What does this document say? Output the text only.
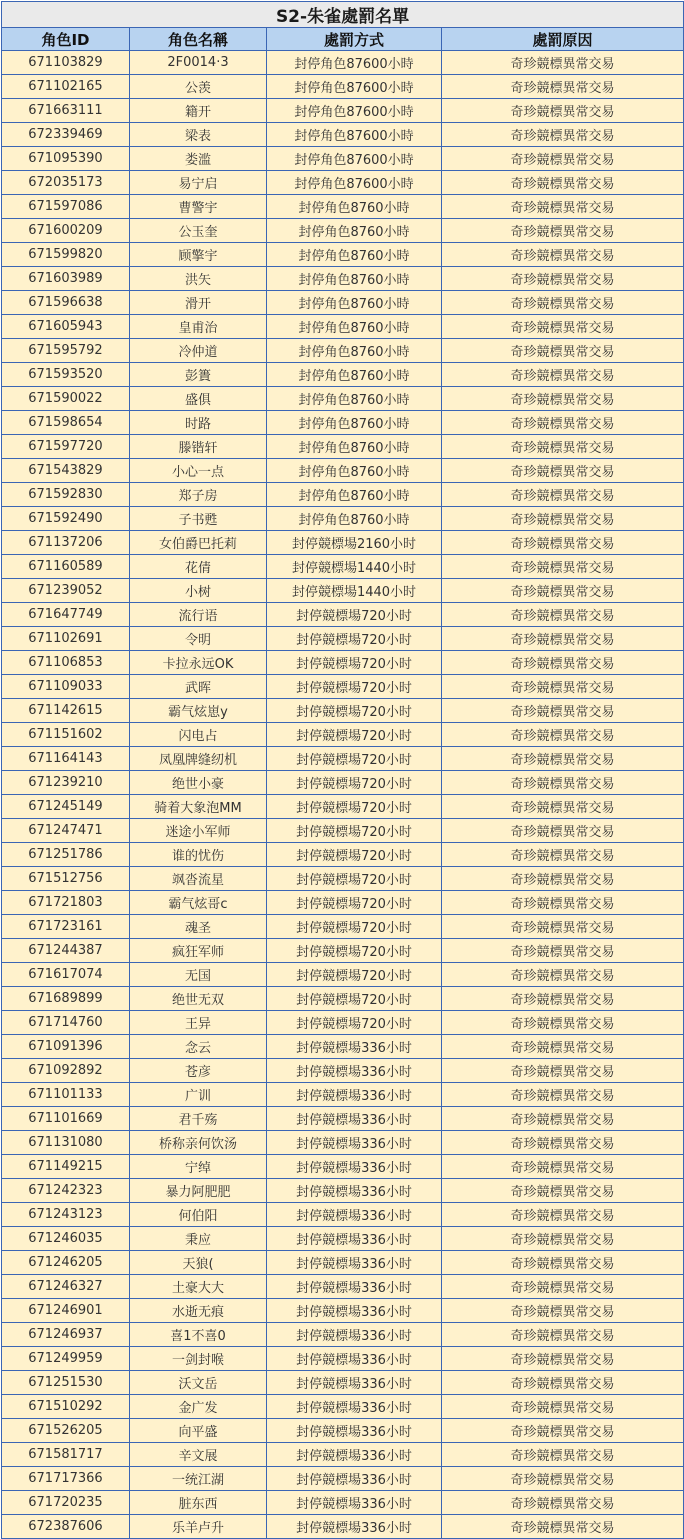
S2-朱雀處罰名單			
角色ID	角色名稱	處罰方式	處罰原因
671103829	2F0014·3	封停角色87600小時	奇珍競標異常交易
671102165	公羡	封停角色87600小時	奇珍競標異常交易
671663111	籍开	封停角色87600小時	奇珍競標異常交易
672339469	梁表	封停角色87600小時	奇珍競標異常交易
671095390	娄滥	封停角色87600小時	奇珍競標異常交易
672035173	易宁启	封停角色87600小時	奇珍競標異常交易
671597086	曹警宇	封停角色8760小時	奇珍競標異常交易
671600209	公玉奎	封停角色8760小時	奇珍競標異常交易
671599820	顾擎宇	封停角色8760小時	奇珍競標異常交易
671603989	洪矢	封停角色8760小時	奇珍競標異常交易
671596638	滑开	封停角色8760小時	奇珍競標異常交易
671605943	皇甫治	封停角色8760小時	奇珍競標異常交易
671595792	冷仲道	封停角色8760小時	奇珍競標異常交易
671593520	彭簣	封停角色8760小時	奇珍競標異常交易
671590022	盛俱	封停角色8760小時	奇珍競標異常交易
671598654	时路	封停角色8760小時	奇珍競標異常交易
671597720	滕锴轩	封停角色8760小時	奇珍競標異常交易
671543829	小心一点	封停角色8760小時	奇珍競標異常交易
671592830	郑子房	封停角色8760小時	奇珍競標異常交易
671592490	子书甦	封停角色8760小時	奇珍競標異常交易
671137206	女伯爵巴托莉	封停競標場2160小时	奇珍競標異常交易
671160589	花倩	封停競標場1440小时	奇珍競標異常交易
671239052	小树	封停競標場1440小时	奇珍競標異常交易
671647749	流行语	封停競標場720小时	奇珍競標異常交易
671102691	令明	封停競標場720小时	奇珍競標異常交易
671106853	卡拉永远OK	封停競標場720小时	奇珍競標異常交易
671109033	武晖	封停競標場720小时	奇珍競標異常交易
671142615	霸气炫崽y	封停競標場720小时	奇珍競標異常交易
671151602	闪电占	封停競標場720小时	奇珍競標異常交易
671164143	凤凰牌缝纫机	封停競標場720小时	奇珍競標異常交易
671239210	绝世小豪	封停競標場720小时	奇珍競標異常交易
671245149	骑着大象泡MM	封停競標場720小时	奇珍競標異常交易
671247471	迷途小军师	封停競標場720小时	奇珍競標異常交易
671251786	谁的忧伤	封停競標場720小时	奇珍競標異常交易
671512756	飒沓流星	封停競標場720小时	奇珍競標異常交易
671721803	霸气炫哥c	封停競標場720小时	奇珍競標異常交易
671723161	魂圣	封停競標場720小时	奇珍競標異常交易
671244387	疯狂军师	封停競標場720小时	奇珍競標異常交易
671617074	无国	封停競標場720小时	奇珍競標異常交易
671689899	绝世无双	封停競標場720小时	奇珍競標異常交易
671714760	王异	封停競標場720小时	奇珍競標異常交易
671091396	念云	封停競標場336小时	奇珍競標異常交易
671092892	苍彦	封停競標場336小时	奇珍競標異常交易
671101133	广训	封停競標場336小时	奇珍競標異常交易
671101669	君千殇	封停競標場336小时	奇珍競標異常交易
671131080	桥称亲何饮汤	封停競標場336小时	奇珍競標異常交易
671149215	宁绰	封停競標場336小时	奇珍競標異常交易
671242323	暴力阿肥肥	封停競標場336小时	奇珍競標異常交易
671243123	何伯阳	封停競標場336小时	奇珍競標異常交易
671246035	秉应	封停競標場336小时	奇珍競標異常交易
671246205	天狼(	封停競標場336小时	奇珍競標異常交易
671246327	土豪大大	封停競標場336小时	奇珍競標異常交易
671246901	水逝无痕	封停競標場336小时	奇珍競標異常交易
671246937	喜1不喜0	封停競標場336小时	奇珍競標異常交易
671249959	一剑封喉	封停競標場336小时	奇珍競標異常交易
671251530	沃文岳	封停競標場336小时	奇珍競標異常交易
671510292	金广发	封停競標場336小时	奇珍競標異常交易
671526205	向平盛	封停競標場336小时	奇珍競標異常交易
671581717	辛文展	封停競標場336小时	奇珍競標異常交易
671717366	一统江湖	封停競標場336小时	奇珍競標異常交易
671720235	脏东西	封停競標場336小时	奇珍競標異常交易
672387606	乐羊卢升	封停競標場336小时	奇珍競標異常交易
